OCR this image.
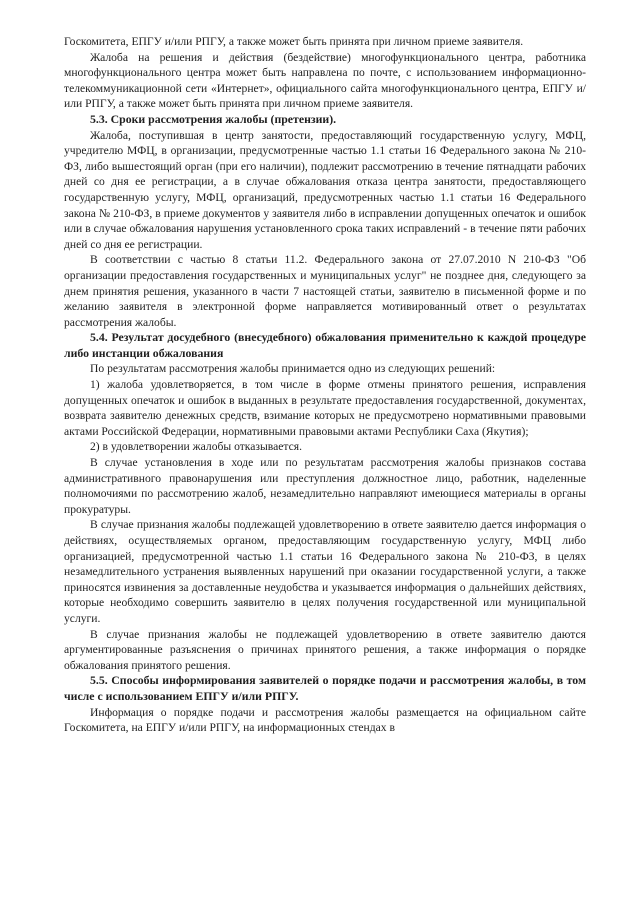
Госкомитета, ЕПГУ и/или РПГУ, а также может быть принята при личном приеме заявителя.

Жалоба на решения и действия (бездействие) многофункционального центра, работника многофункционального центра может быть направлена по почте, с использованием информационно-телекоммуникационной сети «Интернет», официального сайта многофункционального центра, ЕПГУ и/или РПГУ, а также может быть принята при личном приеме заявителя.

5.3. Сроки рассмотрения жалобы (претензии).

Жалоба, поступившая в центр занятости, предоставляющий государственную услугу, МФЦ, учредителю МФЦ, в организации, предусмотренные частью 1.1 статьи 16 Федерального закона № 210-ФЗ, либо вышестоящий орган (при его наличии), подлежит рассмотрению в течение пятнадцати рабочих дней со дня ее регистрации, а в случае обжалования отказа центра занятости, предоставляющего государственную услугу, МФЦ, организаций, предусмотренных частью 1.1 статьи 16 Федерального закона № 210-ФЗ, в приеме документов у заявителя либо в исправлении допущенных опечаток и ошибок или в случае обжалования нарушения установленного срока таких исправлений - в течение пяти рабочих дней со дня ее регистрации.

В соответствии с частью 8 статьи 11.2. Федерального закона от 27.07.2010 N 210-ФЗ "Об организации предоставления государственных и муниципальных услуг" не позднее дня, следующего за днем принятия решения, указанного в части 7 настоящей статьи, заявителю в письменной форме и по желанию заявителя в электронной форме направляется мотивированный ответ о результатах рассмотрения жалобы.

5.4. Результат досудебного (внесудебного) обжалования применительно к каждой процедуре либо инстанции обжалования

По результатам рассмотрения жалобы принимается одно из следующих решений:

1) жалоба удовлетворяется, в том числе в форме отмены принятого решения, исправления допущенных опечаток и ошибок в выданных в результате предоставления государственной, документах, возврата заявителю денежных средств, взимание которых не предусмотрено нормативными правовыми актами Российской Федерации, нормативными правовыми актами Республики Саха (Якутия);

2) в удовлетворении жалобы отказывается.

В случае установления в ходе или по результатам рассмотрения жалобы признаков состава административного правонарушения или преступления должностное лицо, работник, наделенные полномочиями по рассмотрению жалоб, незамедлительно направляют имеющиеся материалы в органы прокуратуры.

В случае признания жалобы подлежащей удовлетворению в ответе заявителю дается информация о действиях, осуществляемых органом, предоставляющим государственную услугу, МФЦ либо организацией, предусмотренной частью 1.1 статьи 16 Федерального закона № 210-ФЗ, в целях незамедлительного устранения выявленных нарушений при оказании государственной услуги, а также приносятся извинения за доставленные неудобства и указывается информация о дальнейших действиях, которые необходимо совершить заявителю в целях получения государственной или муниципальной услуги.

В случае признания жалобы не подлежащей удовлетворению в ответе заявителю даются аргументированные разъяснения о причинах принятого решения, а также информация о порядке обжалования принятого решения.

5.5. Способы информирования заявителей о порядке подачи и рассмотрения жалобы, в том числе с использованием ЕПГУ и/или РПГУ.

Информация о порядке подачи и рассмотрения жалобы размещается на официальном сайте Госкомитета, на ЕПГУ и/или РПГУ, на информационных стендах в
